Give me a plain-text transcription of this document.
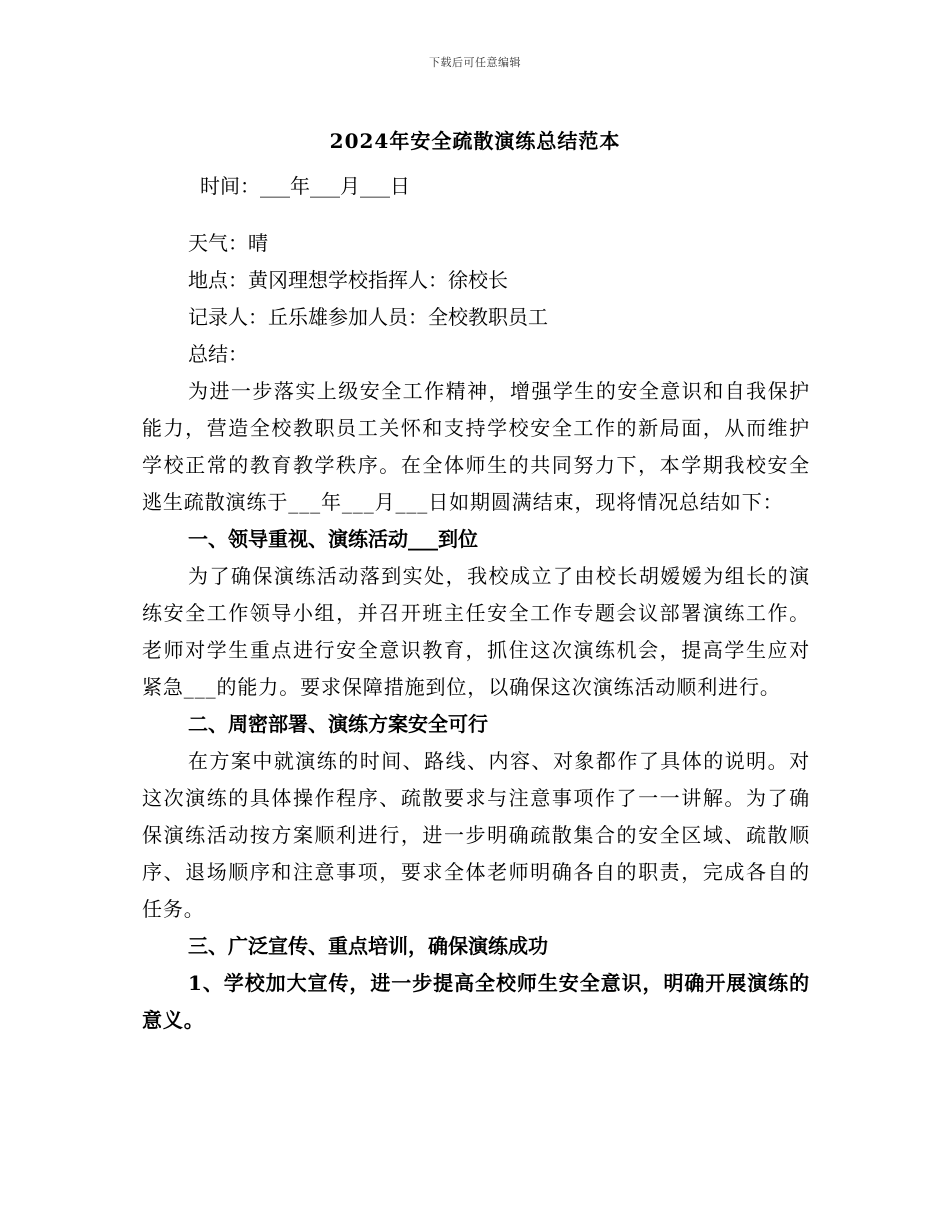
下载后可任意编辑
2024年安全疏散演练总结范本
时间：___年___月___日
天气：晴
地点：黄冈理想学校指挥人：徐校长
记录人：丘乐雄参加人员：全校教职员工
总结：
为进一步落实上级安全工作精神，增强学生的安全意识和自我保护能力，营造全校教职员工关怀和支持学校安全工作的新局面，从而维护学校正常的教育教学秩序。在全体师生的共同努力下，本学期我校安全逃生疏散演练于___年___月___日如期圆满结束，现将情况总结如下：
一、领导重视、演练活动___到位
为了确保演练活动落到实处，我校成立了由校长胡嫒嫒为组长的演练安全工作领导小组，并召开班主任安全工作专题会议部署演练工作。老师对学生重点进行安全意识教育，抓住这次演练机会，提高学生应对紧急___的能力。要求保障措施到位，以确保这次演练活动顺利进行。
二、周密部署、演练方案安全可行
在方案中就演练的时间、路线、内容、对象都作了具体的说明。对这次演练的具体操作程序、疏散要求与注意事项作了一一讲解。为了确保演练活动按方案顺利进行，进一步明确疏散集合的安全区域、疏散顺序、退场顺序和注意事项，要求全体老师明确各自的职责，完成各自的任务。
三、广泛宣传、重点培训，确保演练成功
1、学校加大宣传，进一步提高全校师生安全意识，明确开展演练的意义。
